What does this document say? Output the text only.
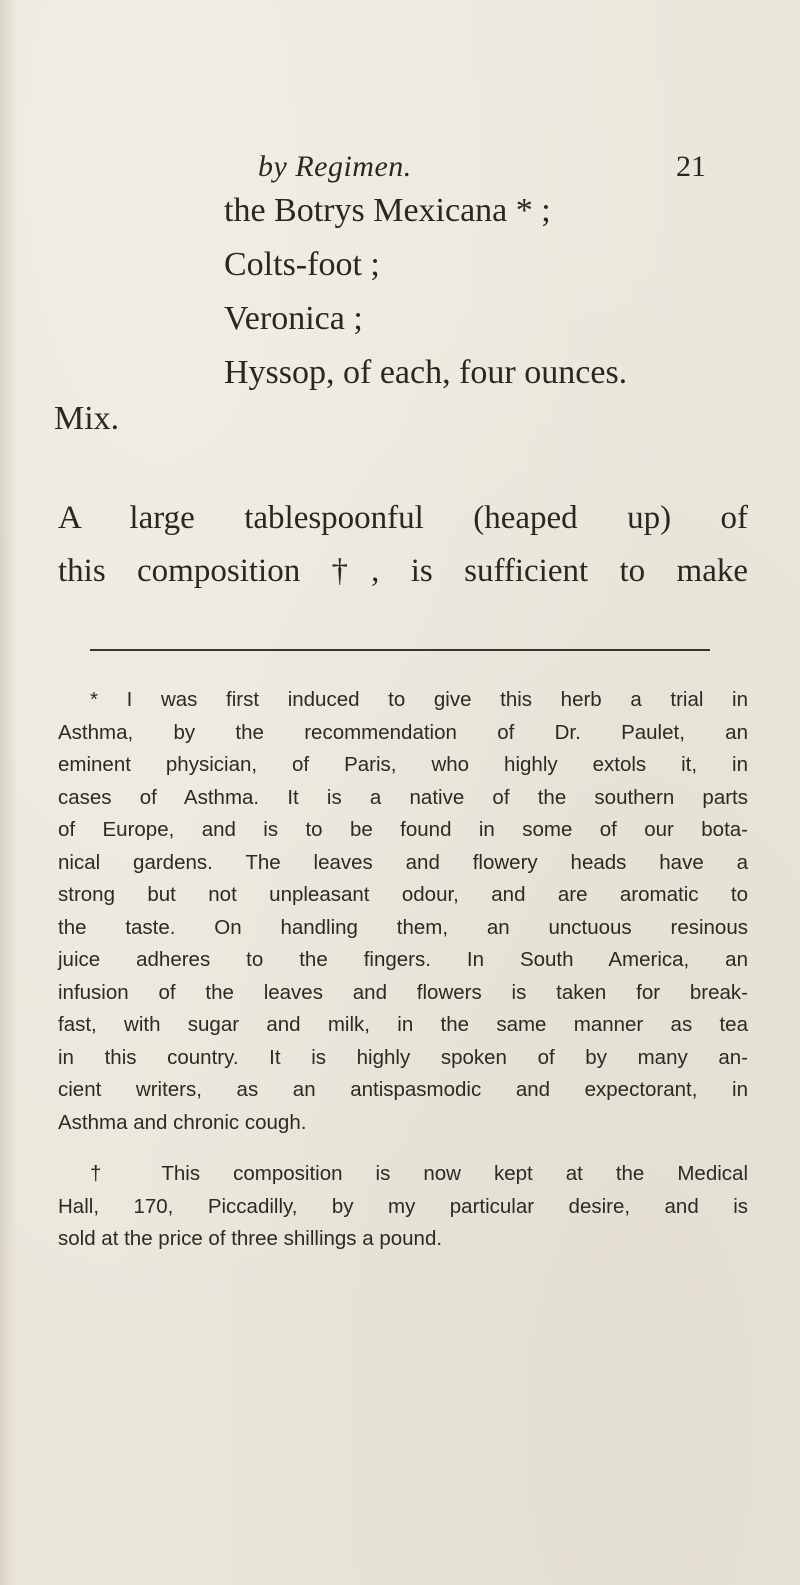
by Regimen.	21
the Botrys Mexicana * ;
Colts-foot ;
Veronica ;
Hyssop, of each, four ounces.
Mix.
A large tablespoonful (heaped up) of
this composition †, is sufficient to make
* I was first induced to give this herb a trial in
Asthma, by the recommendation of Dr. Paulet, an
eminent physician, of Paris, who highly extols it, in
cases of Asthma. It is a native of the southern parts
of Europe, and is to be found in some of our bota-
nical gardens. The leaves and flowery heads have a
strong but not unpleasant odour, and are aromatic to
the taste. On handling them, an unctuous resinous
juice adheres to the fingers. In South America, an
infusion of the leaves and flowers is taken for break-
fast, with sugar and milk, in the same manner as tea
in this country. It is highly spoken of by many an-
cient writers, as an antispasmodic and expectorant, in
Asthma and chronic cough.
† This composition is now kept at the Medical
Hall, 170, Piccadilly, by my particular desire, and is
sold at the price of three shillings a pound.
